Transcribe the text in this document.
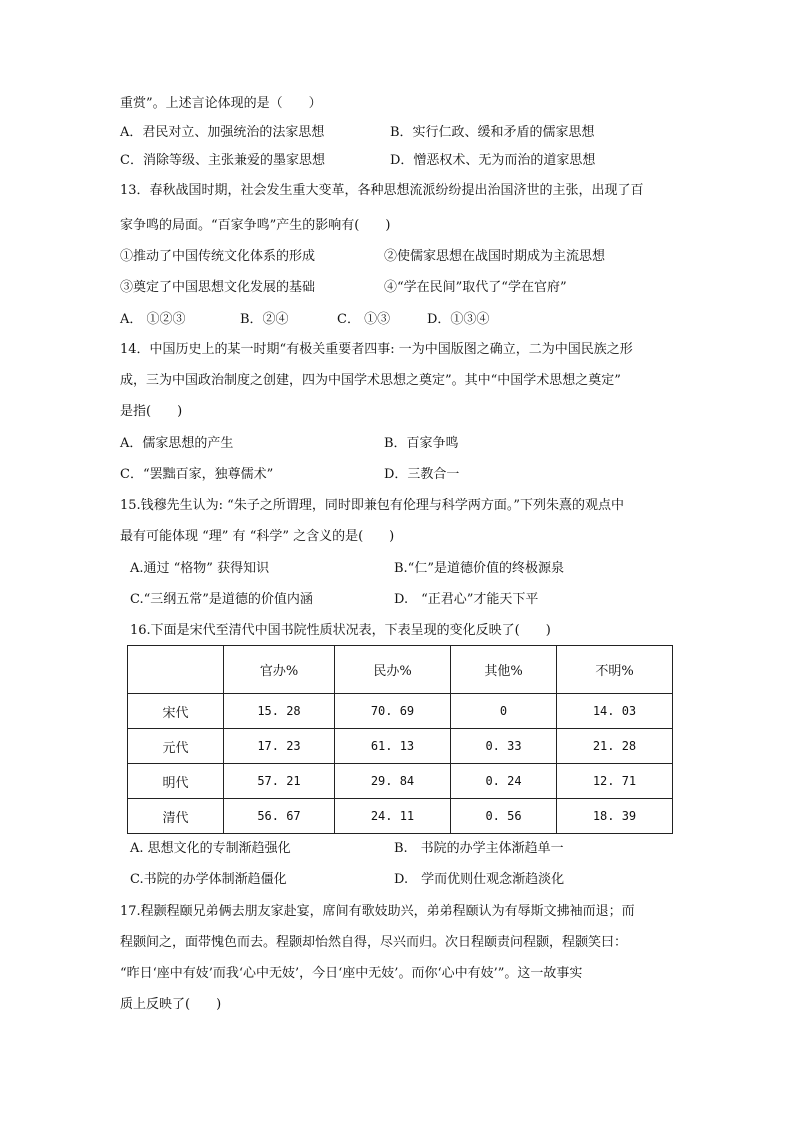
重赏”。上述言论体现的是（　　）
A．君民对立、加强统治的法家思想	B．实行仁政、缓和矛盾的儒家思想
C．消除等级、主张兼爱的墨家思想	D．憎恶权术、无为而治的道家思想
13．春秋战国时期，社会发生重大变革，各种思想流派纷纷提出治国济世的主张，出现了百
家争鸣的局面。“百家争鸣”产生的影响有(　　)
①推动了中国传统文化体系的形成	②使儒家思想在战国时期成为主流思想
③奠定了中国思想文化发展的基础	④“学在民间”取代了“学在官府”
A． ①②③	B．②④	C． ①③	D．①③④
14．中国历史上的某一时期“有极关重要者四事: 一为中国版图之确立，二为中国民族之形
成，三为中国政治制度之创建，四为中国学术思想之奠定”。其中“中国学术思想之奠定”
是指(　　)
A．儒家思想的产生	B．百家争鸣
C．“罢黜百家，独尊儒术”	D．三教合一
15.钱穆先生认为: “朱子之所谓理，同时即兼包有伦理与科学两方面。”下列朱熹的观点中
最有可能体现 “理” 有 “科学” 之含义的是(　　)
A.通过 “格物” 获得知识	B.“仁”是道德价值的终极源泉
C.“三纲五常”是道德的价值内涵	D.　“正君心”才能天下平
16.下面是宋代至清代中国书院性质状况表，下表呈现的变化反映了(　　)
	官办%	民办%	其他%	不明%
宋代	15. 28	70. 69	0	14. 03
元代	17. 23	61. 13	0. 33	21. 28
明代	57. 21	29. 84	0. 24	12. 71
清代	56. 67	24. 11	0. 56	18. 39
A. 思想文化的专制渐趋强化	B.　书院的办学主体渐趋单一
C.书院的办学体制渐趋僵化	D.　学而优则仕观念渐趋淡化
17.程颢程颐兄弟俩去朋友家赴宴，席间有歌妓助兴，弟弟程颐认为有辱斯文拂袖而退；而
程颢间之，面带愧色而去。程颢却怡然自得，尽兴而归。次日程颐责问程颢，程颢笑曰：
“昨日‘座中有妓’而我‘心中无妓’，今日‘座中无妓’。而你‘心中有妓’”。这一故事实
质上反映了(　　)
